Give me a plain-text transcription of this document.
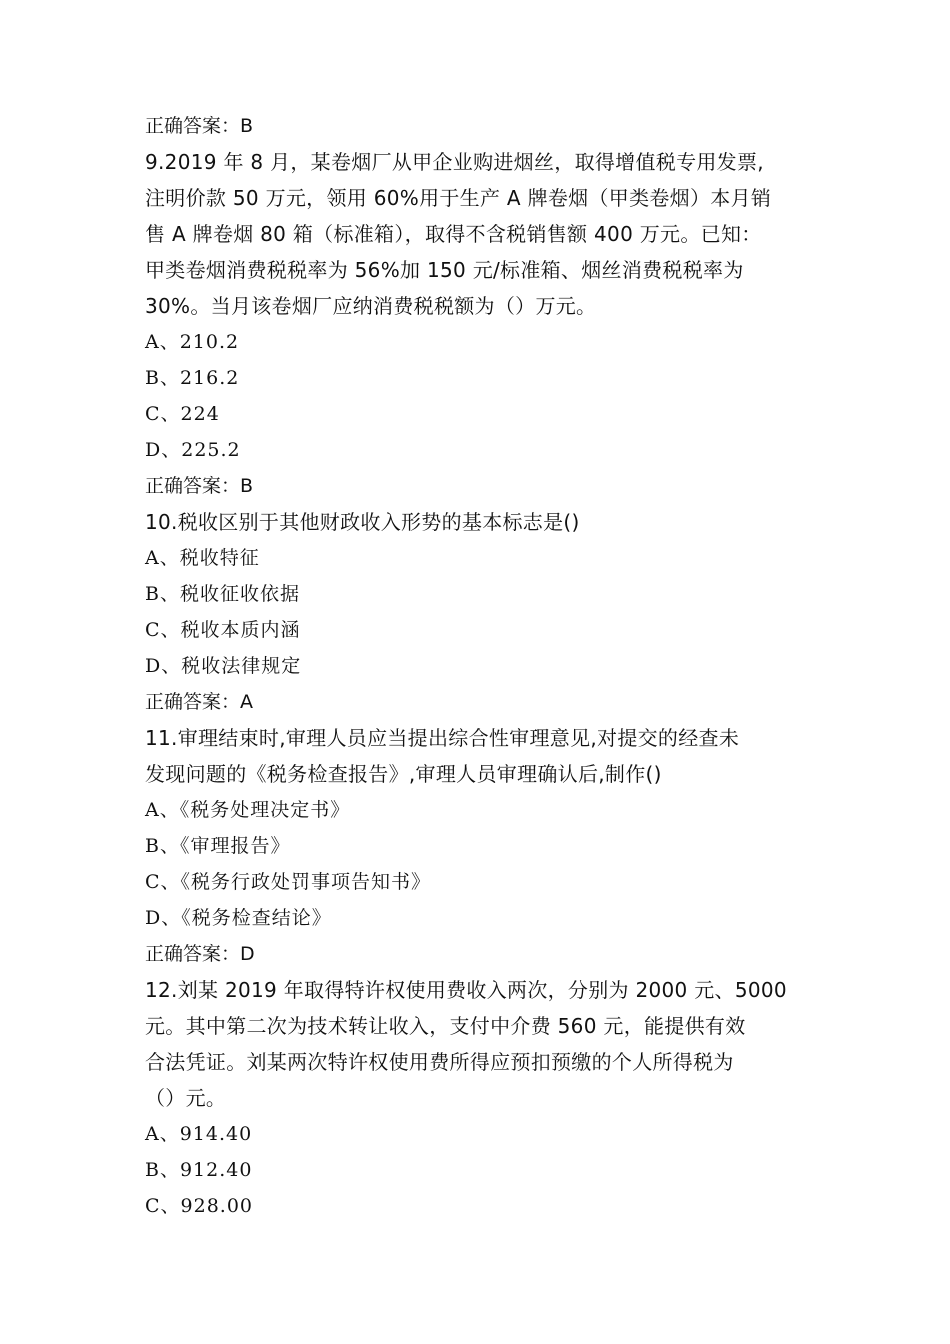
正确答案：B
9.2019 年 8 月，某卷烟厂从甲企业购进烟丝，取得增值税专用发票,
注明价款 50 万元，领用 60%用于生产 A 牌卷烟（甲类卷烟）本月销
售 A 牌卷烟 80 箱（标准箱），取得不含税销售额 400 万元。已知：
甲类卷烟消费税税率为 56%加 150 元/标准箱、烟丝消费税税率为
30%。当月该卷烟厂应纳消费税税额为（）万元。
A、210.2
B、216.2
C、224
D、225.2
正确答案：B
10.税收区别于其他财政收入形势的基本标志是()
A、税收特征
B、税收征收依据
C、税收本质内涵
D、税收法律规定
正确答案：A
11.审理结束时,审理人员应当提出综合性审理意见,对提交的经查未
发现问题的《税务检查报告》,审理人员审理确认后,制作()
A、《税务处理决定书》
B、《审理报告》
C、《税务行政处罚事项告知书》
D、《税务检查结论》
正确答案：D
12.刘某 2019 年取得特许权使用费收入两次，分别为 2000 元、5000
元。其中第二次为技术转让收入，支付中介费 560 元，能提供有效
合法凭证。刘某两次特许权使用费所得应预扣预缴的个人所得税为
（）元。
A、914.40
B、912.40
C、928.00
